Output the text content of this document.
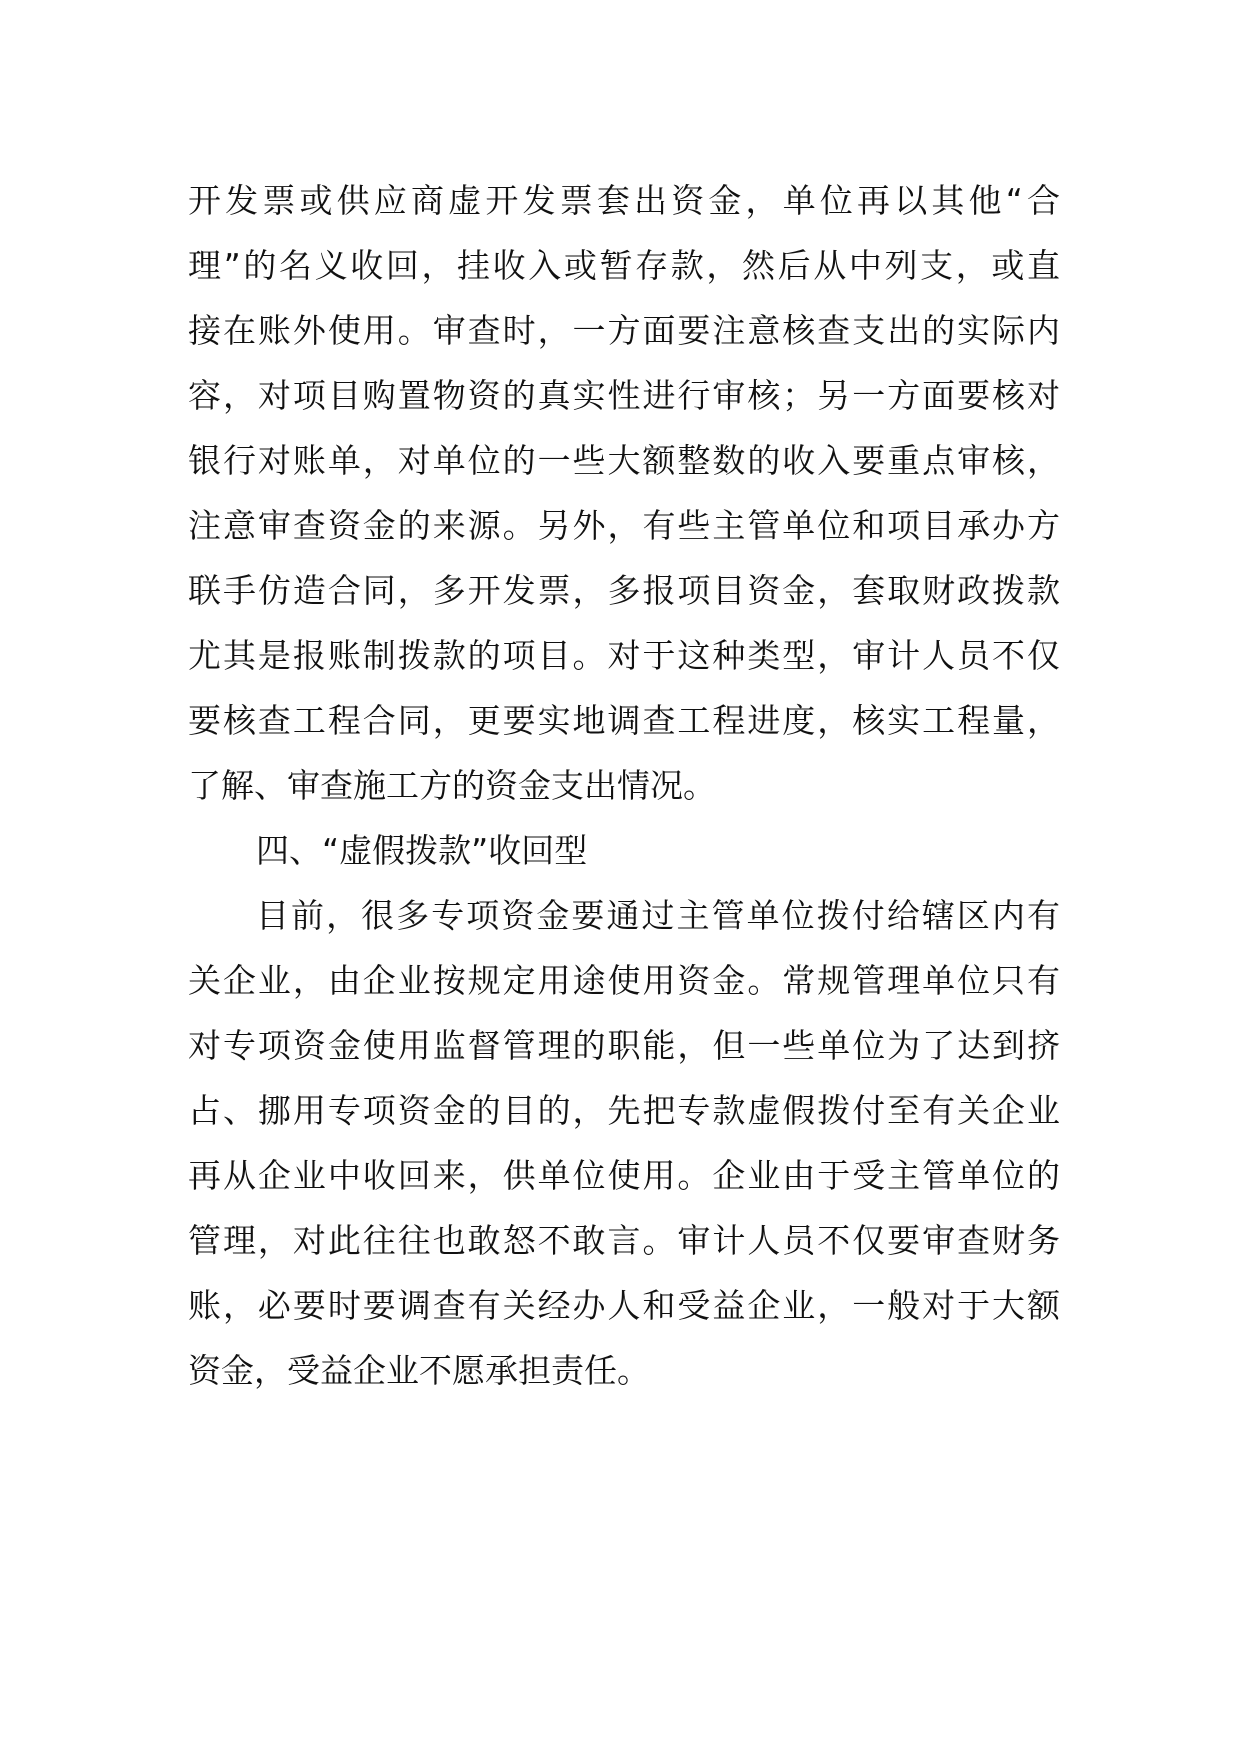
开发票或供应商虚开发票套出资金，单位再以其他“合
理”的名义收回，挂收入或暂存款，然后从中列支，或直
接在账外使用。审查时，一方面要注意核查支出的实际内
容，对项目购置物资的真实性进行审核；另一方面要核对
银行对账单，对单位的一些大额整数的收入要重点审核，
注意审查资金的来源。另外，有些主管单位和项目承办方
联手仿造合同，多开发票，多报项目资金，套取财政拨款
尤其是报账制拨款的项目。对于这种类型，审计人员不仅
要核查工程合同，更要实地调查工程进度，核实工程量，
了解、审查施工方的资金支出情况。
四、“虚假拨款”收回型
目前，很多专项资金要通过主管单位拨付给辖区内有
关企业，由企业按规定用途使用资金。常规管理单位只有
对专项资金使用监督管理的职能，但一些单位为了达到挤
占、挪用专项资金的目的，先把专款虚假拨付至有关企业
再从企业中收回来，供单位使用。企业由于受主管单位的
管理，对此往往也敢怒不敢言。审计人员不仅要审查财务
账，必要时要调查有关经办人和受益企业，一般对于大额
资金，受益企业不愿承担责任。
